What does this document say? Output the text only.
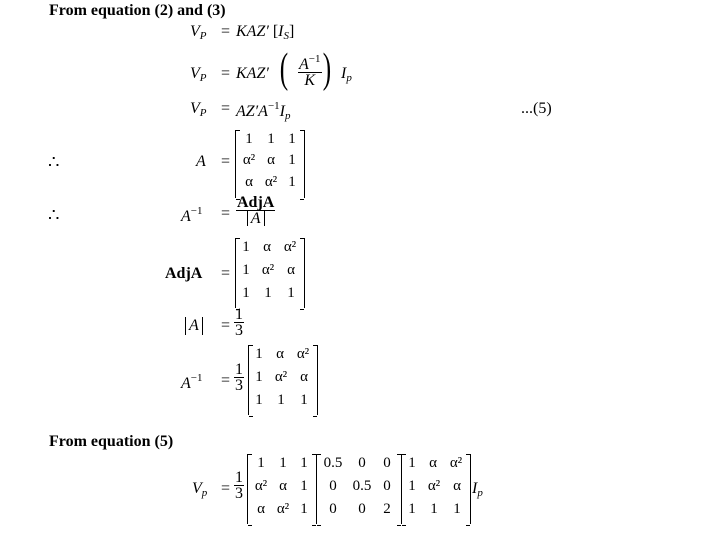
From equation (2) and (3)
$V_P = KAZ'$ $[I_S]$
$V_P = KAZ'$ ( $\frac{A^{-1}}{K}$ ) $I_p$
$V_P = AZ'A^{-1}I_p$	...(5)
∴	A =
1 1 1
α² α 1
α α² 1
∴	$A^{-1} = \frac{\text{AdjA}}{A}$
AdjA =
1 α α²
1 α² α
1 1	1
$A = \frac{1}{3}$
$A^{-1} = \frac{1}{3}$
1 α α²
1 α² α
1 1	1
From equation (5)
$V_p = \frac{1}{3}$
1 1 1
α² α 1
α α² 1
0.5	0	0
0	0.5 0
0	0	2
1 α α²
1 α² α
1 1	1
$I_p$
